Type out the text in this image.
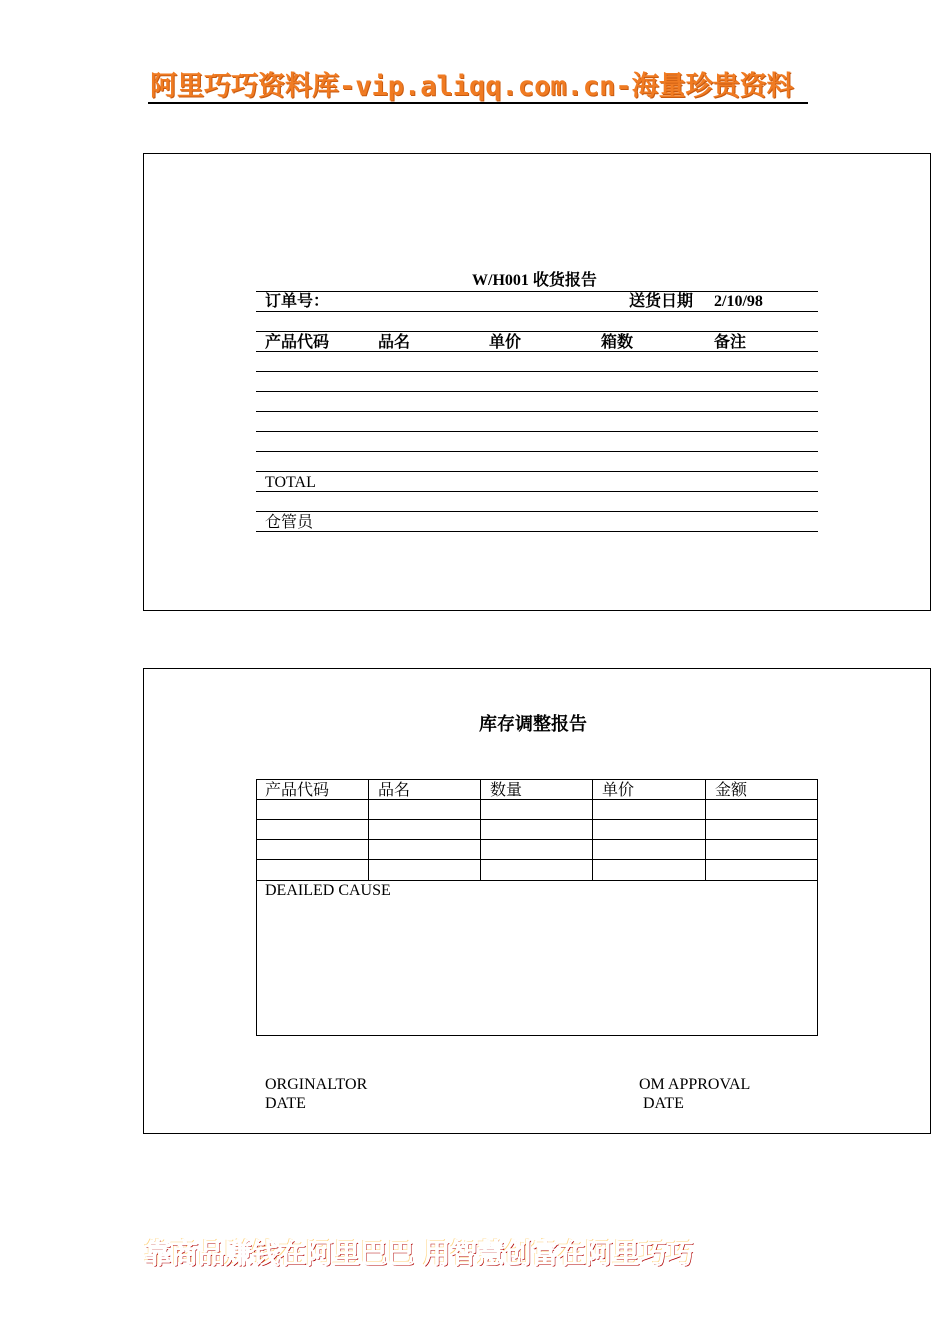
阿里巧巧资料库-vip.aliqq.com.cn-海量珍贵资料
W/H001 收货报告
订单号：	送货日期 2/10/98
产品代码	品名	单价	箱数	备注
TOTAL
仓管员
库存调整报告
产品代码	品名	数量	单价	金额
DEAILED CAUSE
ORGINALTOR
DATE
OM APPROVAL
DATE
靠商品赚钱在阿里巴巴 用智慧创富在阿里巧巧
